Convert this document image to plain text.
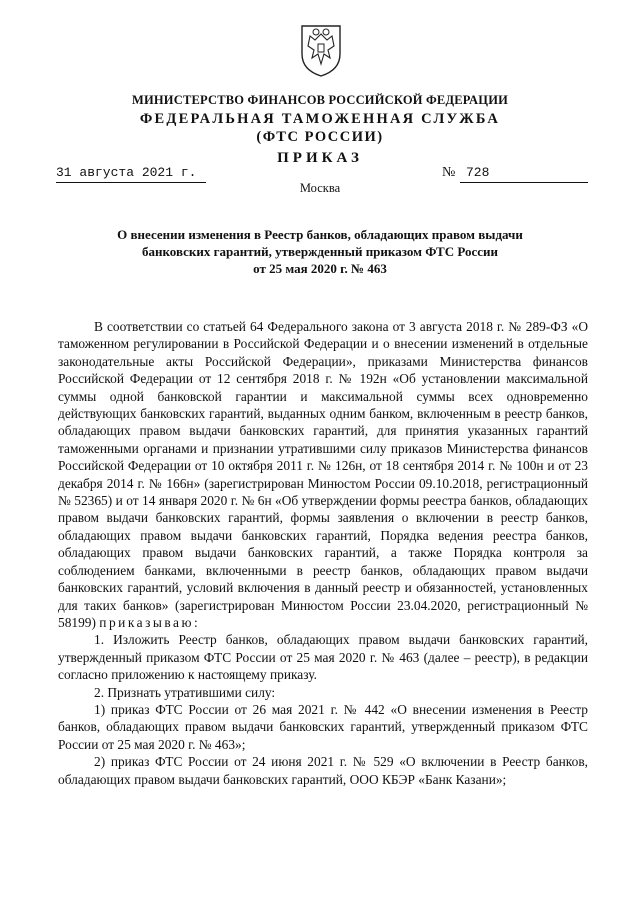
МИНИСТЕРСТВО ФИНАНСОВ РОССИЙСКОЙ ФЕДЕРАЦИИ
ФЕДЕРАЛЬНАЯ ТАМОЖЕННАЯ СЛУЖБА
(ФТС РОССИИ)
ПРИКАЗ
31 августа 2021 г.	№ 728
Москва
О внесении изменения в Реестр банков, обладающих правом выдачи
банковских гарантий, утвержденный приказом ФТС России
от 25 мая 2020 г. № 463

В соответствии со статьей 64 Федерального закона от 3 августа 2018 г. № 289-ФЗ «О таможенном регулировании в Российской Федерации и о внесении изменений в отдельные законодательные акты Российской Федерации», приказами Министерства финансов Российской Федерации от 12 сентября 2018 г. № 192н «Об установлении максимальной суммы одной банковской гарантии и максимальной суммы всех одновременно действующих банковских гарантий, выданных одним банком, включенным в реестр банков, обладающих правом выдачи банковских гарантий, для принятия указанных гарантий таможенными органами и признании утратившими силу приказов Министерства финансов Российской Федерации от 10 октября 2011 г. № 126н, от 18 сентября 2014 г. № 100н и от 23 декабря 2014 г. № 166н» (зарегистрирован Минюстом России 09.10.2018, регистрационный № 52365) и от 14 января 2020 г. № 6н «Об утверждении формы реестра банков, обладающих правом выдачи банковских гарантий, формы заявления о включении в реестр банков, обладающих правом выдачи банковских гарантий, Порядка ведения реестра банков, обладающих правом выдачи банковских гарантий, а также Порядка контроля за соблюдением банками, включенными в реестр банков, обладающих правом выдачи банковских гарантий, условий включения в данный реестр и обязанностей, установленных для таких банков» (зарегистрирован Минюстом России 23.04.2020, регистрационный № 58199) приказываю:

1. Изложить Реестр банков, обладающих правом выдачи банковских гарантий, утвержденный приказом ФТС России от 25 мая 2020 г. № 463 (далее – реестр), в редакции согласно приложению к настоящему приказу.

2. Признать утратившими силу:

1) приказ ФТС России от 26 мая 2021 г. № 442 «О внесении изменения в Реестр банков, обладающих правом выдачи банковских гарантий, утвержденный приказом ФТС России от 25 мая 2020 г. № 463»;

2) приказ ФТС России от 24 июня 2021 г. № 529 «О включении в Реестр банков, обладающих правом выдачи банковских гарантий, ООО КБЭР «Банк Казани»;
